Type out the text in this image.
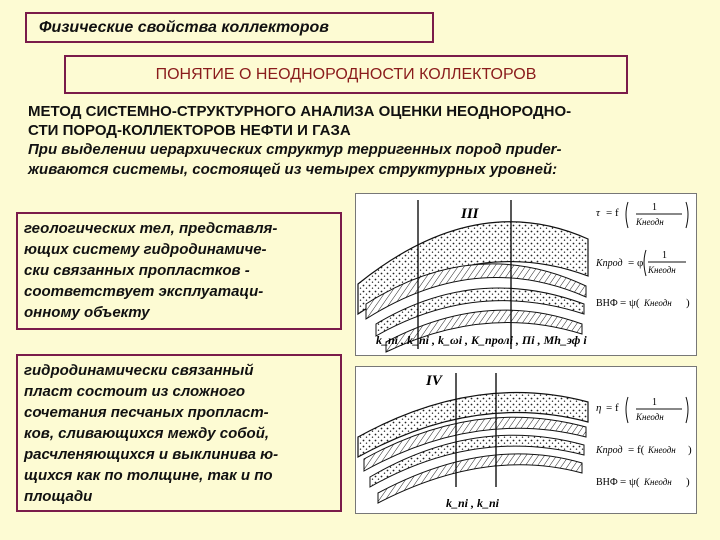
Физические свойства коллекторов
ПОНЯТИЕ О НЕОДНОРОДНОСТИ КОЛЛЕКТОРОВ
МЕТОД СИСТЕМНО-СТРУКТУРНОГО АНАЛИЗА ОЦЕНКИ НЕОДНОРОДНО-
СТИ ПОРОД-КОЛЛЕКТОРОВ НЕФТИ И ГАЗА
При выделении иерархических структур терригенных пород приder-
живаются системы, состоящей из четырех структурных уровней:
геологических тел, представля-
ющих систему гидродинамиче-
ски связанных пропластков -
соответствует эксплуатаци-
онному объекту
гидродинамически связанный
пласт состоит из сложного
сочетания песчаных пропласт-
ков, сливающихся между собой,
расчленяющихся и выклинива ю-
щихся как по толщине, так и по
площади
III	τ = f	1
Kнеодн
Kпрод = φ
1
Kнеодн
ВНФ = ψ( Kнеодн )
k_пi , k_пi , k_ωi , K_пролi , Пi , Mh_эф i
IV
η = f	1
Kнеодн
Kпрод = f( Kнеодн )
ВНФ = ψ( Kнеодн )
k_пi , k_пi
